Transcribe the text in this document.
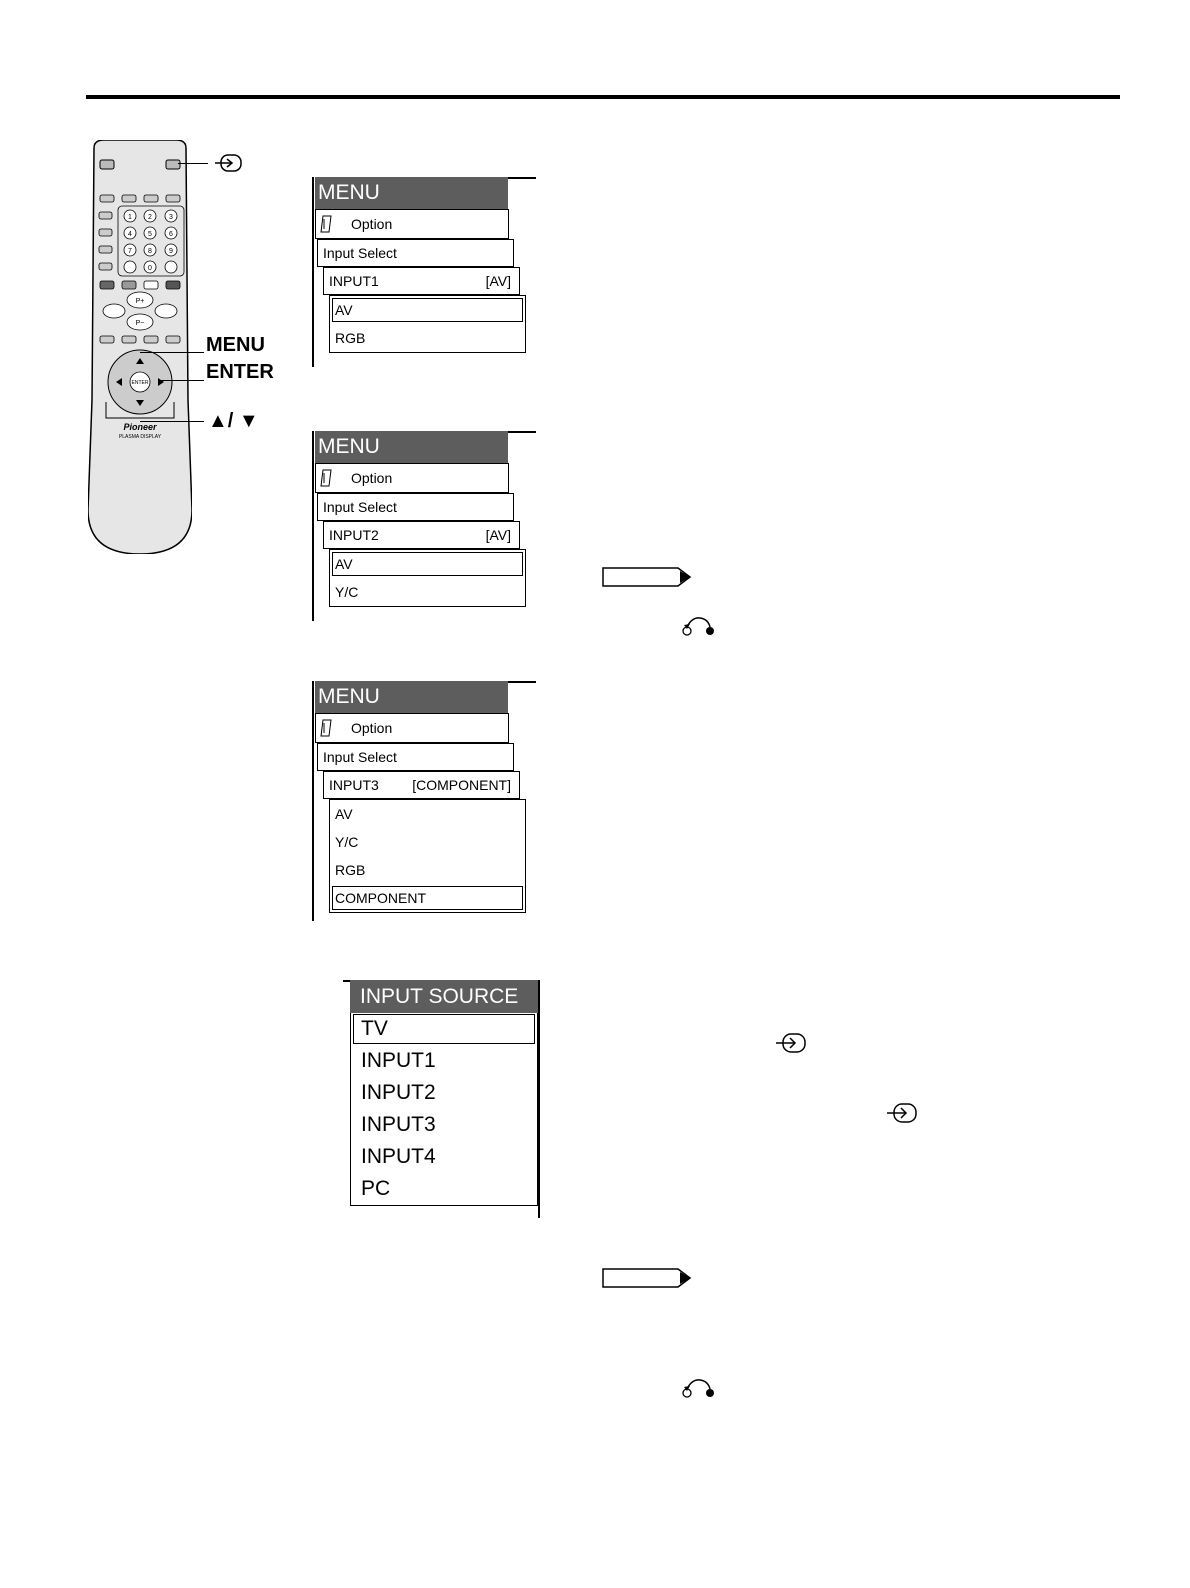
1 2 3
4 5 6
7 8 9
0
P+
P−
ENTER
Pioneer
PLASMA DISPLAY
MENU
ENTER
▲/ ▼
MENU
Option
Input Select
INPUT1	[AV]
AV
RGB
MENU
Option
Input Select
INPUT2	[AV]
AV
Y/C
MENU
Option
Input Select
INPUT3 [COMPONENT]
AV
Y/C
RGB
COMPONENT
INPUT SOURCE
TV
INPUT1
INPUT2
INPUT3
INPUT4
PC
